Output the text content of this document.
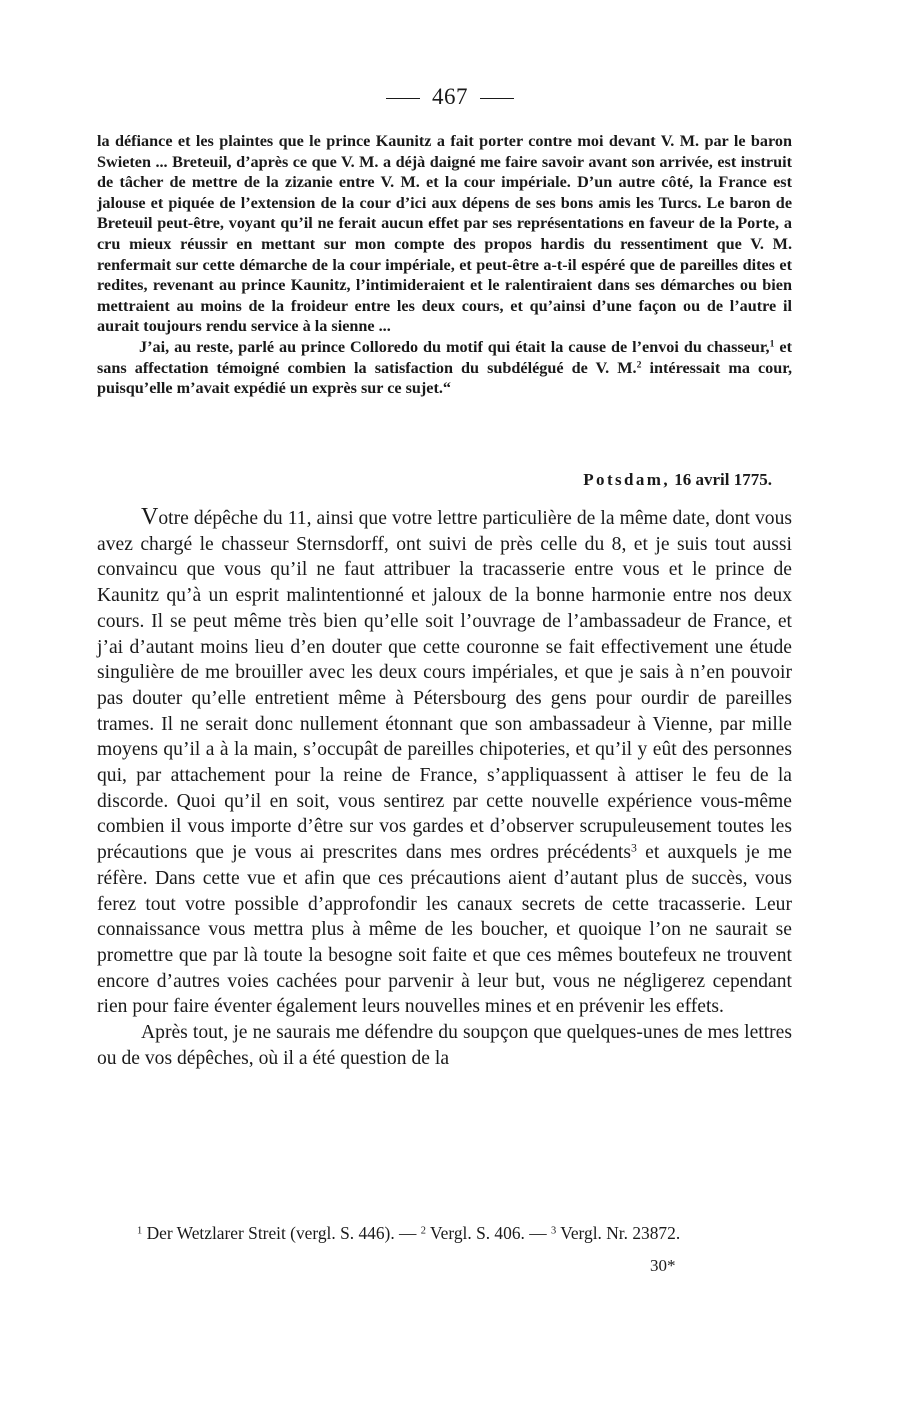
467

la défiance et les plaintes que le prince Kaunitz a fait porter contre moi devant V. M. par le baron Swieten ... Breteuil, d’après ce que V. M. a déjà daigné me faire savoir avant son arrivée, est instruit de tâcher de mettre de la zizanie entre V. M. et la cour impériale. D’un autre côté, la France est jalouse et piquée de l’extension de la cour d’ici aux dépens de ses bons amis les Turcs. Le baron de Breteuil peut-être, voyant qu’il ne ferait aucun effet par ses représentations en faveur de la Porte, a cru mieux réussir en mettant sur mon compte des propos hardis du ressentiment que V. M. renfermait sur cette démarche de la cour impériale, et peut-être a-t-il espéré que de pareilles dites et redites, revenant au prince Kaunitz, l’intimideraient et le ralentiraient dans ses démarches ou bien mettraient au moins de la froideur entre les deux cours, et qu’ainsi d’une façon ou de l’autre il aurait toujours rendu service à la sienne ...

J’ai, au reste, parlé au prince Colloredo du motif qui était la cause de l’envoi du chasseur,$^1$ et sans affectation témoigné combien la satisfaction du subdélégué de V. M.$^2$ intéressait ma cour, puisqu’elle m’avait expédié un exprès sur ce sujet.“

Potsdam, 16 avril 1775.

Votre dépêche du 11, ainsi que votre lettre particulière de la même date, dont vous avez chargé le chasseur Sternsdorff, ont suivi de près celle du 8, et je suis tout aussi convaincu que vous qu’il ne faut attribuer la tracasserie entre vous et le prince de Kaunitz qu’à un esprit malintentionné et jaloux de la bonne harmonie entre nos deux cours. Il se peut même très bien qu’elle soit l’ouvrage de l’ambassadeur de France, et j’ai d’autant moins lieu d’en douter que cette couronne se fait effectivement une étude singulière de me brouiller avec les deux cours impériales, et que je sais à n’en pouvoir pas douter qu’elle entretient même à Pétersbourg des gens pour ourdir de pareilles trames. Il ne serait donc nullement étonnant que son ambassadeur à Vienne, par mille moyens qu’il a à la main, s’occupât de pareilles chipoteries, et qu’il y eût des personnes qui, par attachement pour la reine de France, s’appliquassent à attiser le feu de la discorde. Quoi qu’il en soit, vous sentirez par cette nouvelle expérience vous-même combien il vous importe d’être sur vos gardes et d’observer scrupuleusement toutes les précautions que je vous ai prescrites dans mes ordres précédents$^3$ et auxquels je me réfère. Dans cette vue et afin que ces précautions aient d’autant plus de succès, vous ferez tout votre possible d’approfondir les canaux secrets de cette tracasserie. Leur connaissance vous mettra plus à même de les boucher, et quoique l’on ne saurait se promettre que par là toute la besogne soit faite et que ces mêmes boutefeux ne trouvent encore d’autres voies cachées pour parvenir à leur but, vous ne négligerez cependant rien pour faire éventer également leurs nouvelles mines et en prévenir les effets.

Après tout, je ne saurais me défendre du soupçon que quelques-unes de mes lettres ou de vos dépêches, où il a été question de la

$^1$ Der Wetzlarer Streit (vergl. S. 446). — $^2$ Vergl. S. 406. — $^3$ Vergl. Nr. 23872.

30*
